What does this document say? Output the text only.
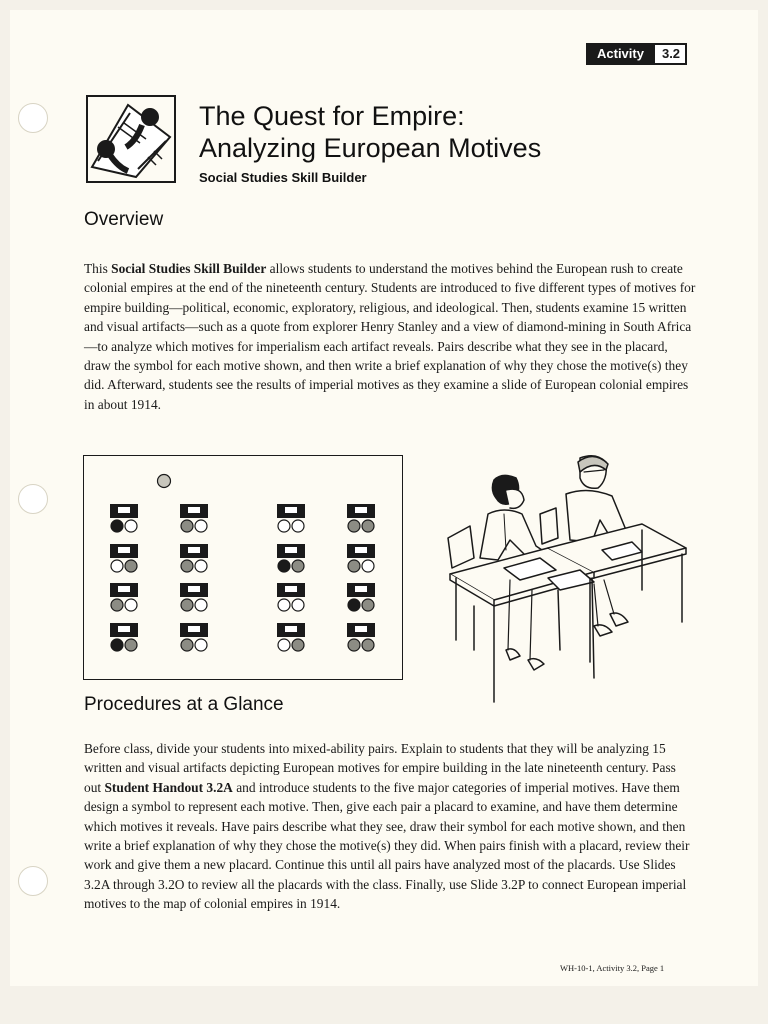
Activity	3.2
The Quest for Empire:
Analyzing European Motives
Social Studies Skill Builder
Overview

This Social Studies Skill Builder allows students to understand the motives behind the European rush to create colonial empires at the end of the nineteenth century. Students are introduced to five different types of motives for empire building—political, economic, exploratory, religious, and ideological. Then, students examine 15 written and visual artifacts—such as a quote from explorer Henry Stanley and a view of diamond-mining in South Africa—to analyze which motives for imperialism each artifact reveals. Pairs describe what they see in the placard, draw the symbol for each motive shown, and then write a brief explanation of why they chose the motive(s) they did. Afterward, students see the results of imperial motives as they examine a slide of European colonial empires in about 1914.

Procedures at a Glance

Before class, divide your students into mixed-ability pairs. Explain to students that they will be analyzing 15 written and visual artifacts depicting European motives for empire building in the late nineteenth century. Pass out Student Handout 3.2A and introduce students to the five major categories of imperial motives. Have them design a symbol to represent each motive. Then, give each pair a placard to examine, and have them determine which motives it reveals. Have pairs describe what they see, draw their symbol for each motive shown, and then write a brief explanation of why they chose the motive(s) they did. When pairs finish with a placard, review their work and give them a new placard. Continue this until all pairs have analyzed most of the placards. Use Slides 3.2A through 3.2O to review all the placards with the class. Finally, use Slide 3.2P to connect European imperial motives to the map of colonial empires in 1914.

WH-10-1, Activity 3.2, Page 1
